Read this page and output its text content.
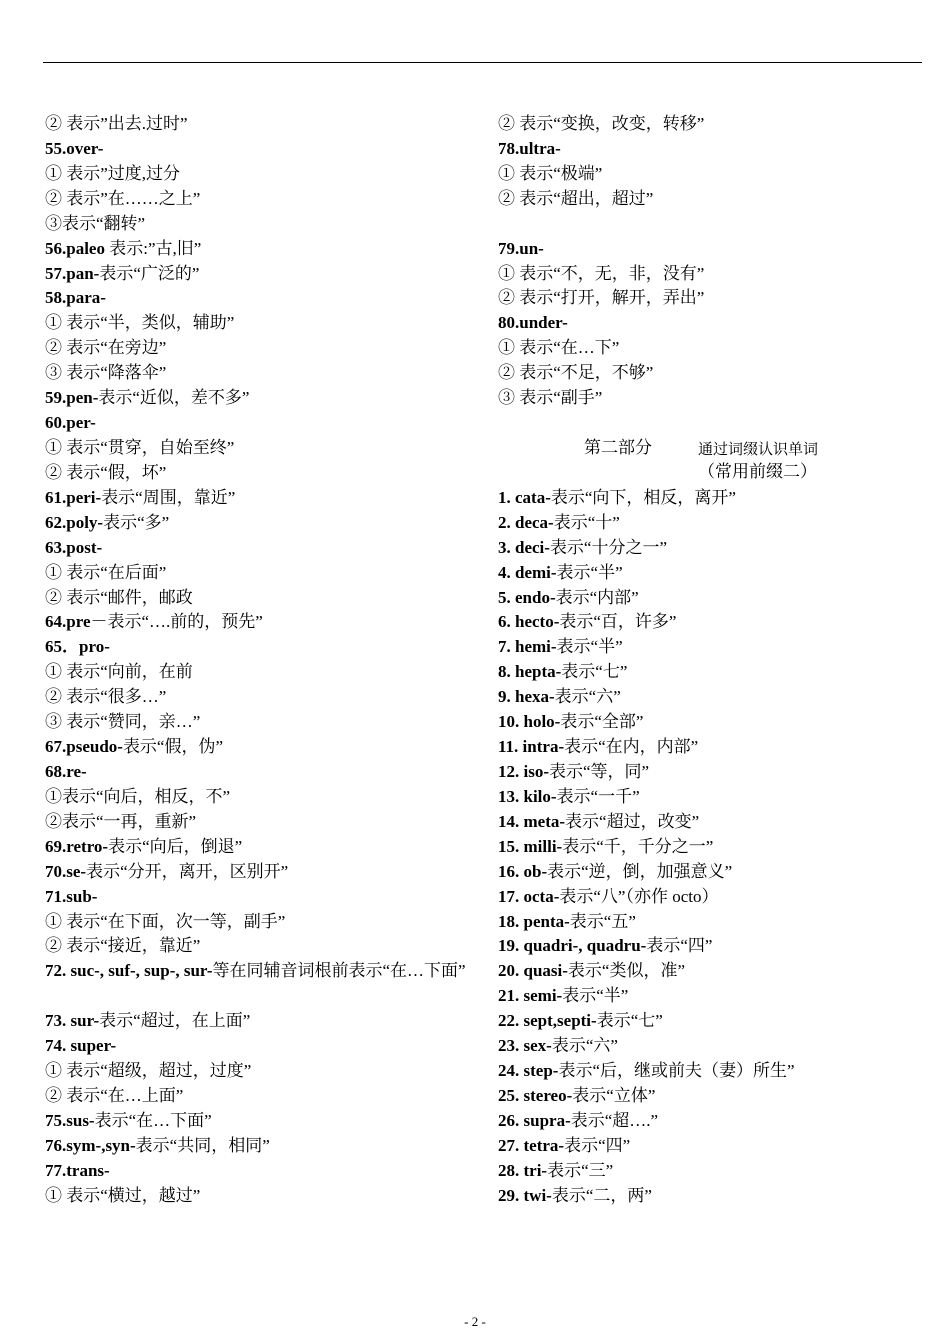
② 表示”出去.过时”
55.over-
① 表示”过度,过分
② 表示”在……之上”
③表示“翻转”
56.paleo 表示:”古,旧”
57.pan-表示“广泛的”
58.para-
① 表示“半，类似，辅助”
② 表示“在旁边”
③ 表示“降落伞”
59.pen-表示“近似，差不多”
60.per-
① 表示“贯穿，自始至终”
② 表示“假，坏”
61.peri-表示“周围，靠近”
62.poly-表示“多”
63.post-
① 表示“在后面”
② 表示“邮件，邮政
64.pre－表示“….前的，预先”
65．pro-
① 表示“向前，在前
② 表示“很多…”
③ 表示“赞同，亲…”
67.pseudo-表示“假，伪”
68.re-
①表示“向后，相反，不”
②表示“一再，重新”
69.retro-表示“向后，倒退”
70.se-表示“分开，离开，区别开”
71.sub-
① 表示“在下面，次一等，副手”
② 表示“接近，靠近”
72. suc-, suf-, sup-, sur-等在同辅音词根前表示“在…下面”
73. sur-表示“超过，在上面”
74. super-
① 表示“超级，超过，过度”
② 表示“在…上面”
75.sus-表示“在…下面”
76.sym-,syn-表示“共同，相同”
77.trans-
① 表示“横过，越过”
② 表示“变换，改变，转移”
78.ultra-
① 表示“极端”
② 表示“超出，超过”
79.un-
① 表示“不，无，非，没有”
② 表示“打开，解开，弄出”
80.under-
① 表示“在…下”
② 表示“不足，不够”
③ 表示“副手”
第二部分	通过词缀认识单词
（常用前缀二）
1. cata-表示“向下，相反，离开”
2. deca-表示“十”
3. deci-表示“十分之一”
4. demi-表示“半”
5. endo-表示“内部”
6. hecto-表示“百，许多”
7. hemi-表示“半”
8. hepta-表示“七”
9. hexa-表示“六”
10. holo-表示“全部”
11. intra-表示“在内，内部”
12. iso-表示“等，同”
13. kilo-表示“一千”
14. meta-表示“超过，改变”
15. milli-表示“千，千分之一”
16. ob-表示“逆，倒，加强意义”
17. octa-表示“八”（亦作 octo）
18. penta-表示“五”
19. quadri-, quadru-表示“四”
20. quasi-表示“类似，准”
21. semi-表示“半”
22. sept,septi-表示“七”
23. sex-表示“六”
24. step-表示“后，继或前夫（妻）所生”
25. stereo-表示“立体”
26. supra-表示“超….”
27. tetra-表示“四”
28. tri-表示“三”
29. twi-表示“二，两”
- 2 -
